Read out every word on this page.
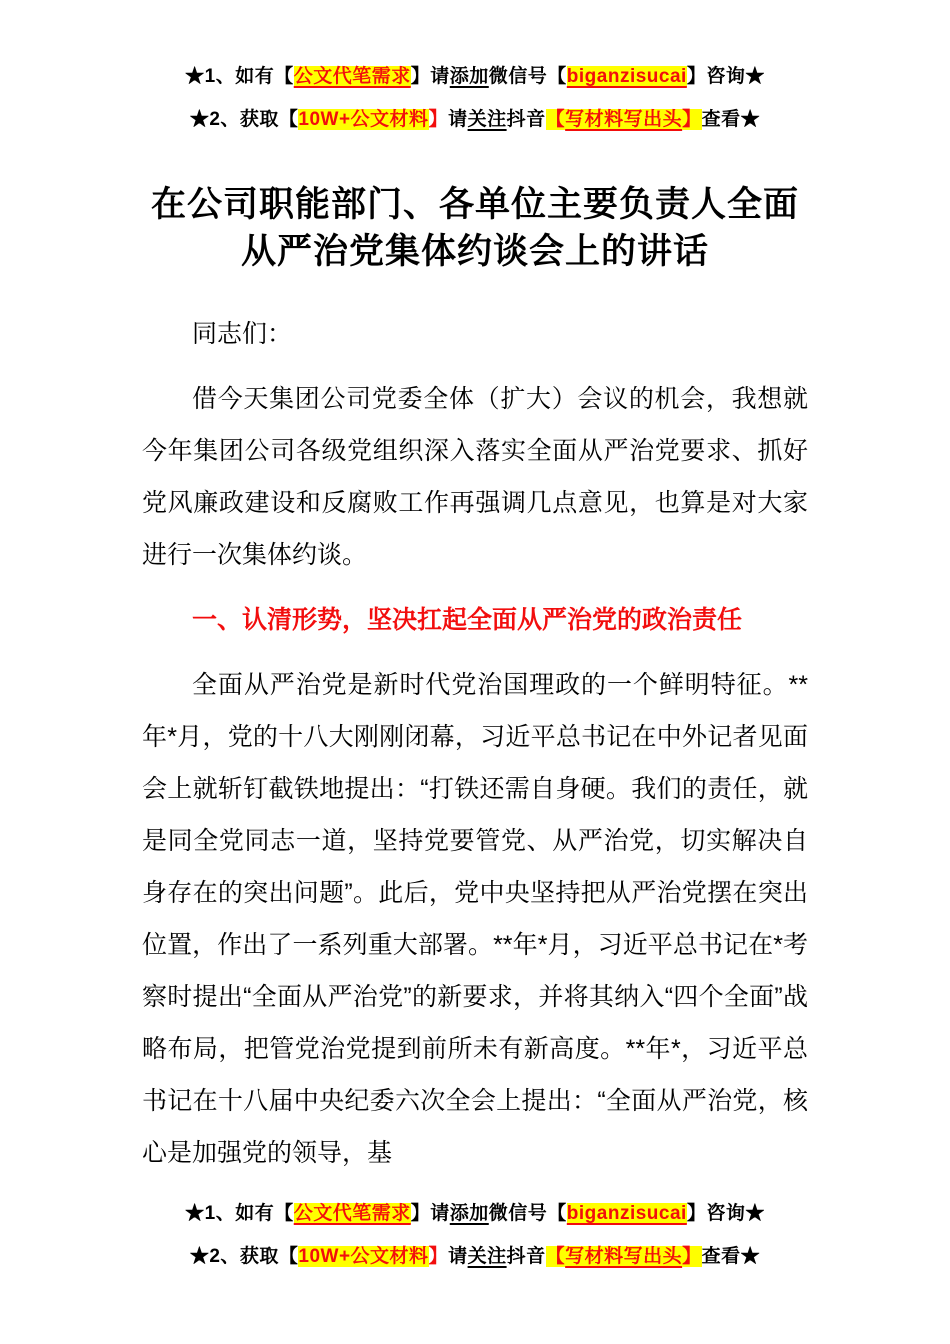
★1、如有【公文代笔需求】请添加微信号【biganzisucai】咨询★
★2、获取【10W+公文材料】请关注抖音【写材料写出头】查看★
在公司职能部门、各单位主要负责人全面
从严治党集体约谈会上的讲话

同志们：

借今天集团公司党委全体（扩大）会议的机会，我想就今年集团公司各级党组织深入落实全面从严治党要求、抓好党风廉政建设和反腐败工作再强调几点意见，也算是对大家进行一次集体约谈。

一、认清形势，坚决扛起全面从严治党的政治责任

全面从严治党是新时代党治国理政的一个鲜明特征。**年*月，党的十八大刚刚闭幕，习近平总书记在中外记者见面会上就斩钉截铁地提出：“打铁还需自身硬。我们的责任，就是同全党同志一道，坚持党要管党、从严治党，切实解决自身存在的突出问题”。此后，党中央坚持把从严治党摆在突出位置，作出了一系列重大部署。**年*月，习近平总书记在*考察时提出“全面从严治党”的新要求，并将其纳入“四个全面”战略布局，把管党治党提到前所未有新高度。**年*，习近平总书记在十八届中央纪委六次全会上提出：“全面从严治党，核心是加强党的领导，基

★1、如有【公文代笔需求】请添加微信号【biganzisucai】咨询★
★2、获取【10W+公文材料】请关注抖音【写材料写出头】查看★
